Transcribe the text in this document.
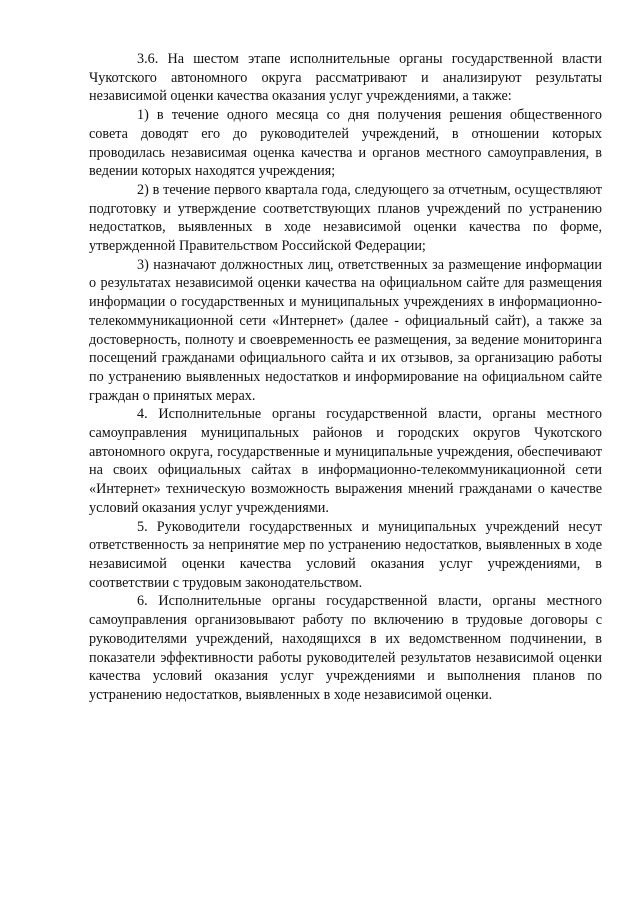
3.6. На шестом этапе исполнительные органы государственной власти Чукотского автономного округа рассматривают и анализируют результаты независимой оценки качества оказания услуг учреждениями, а также:

1) в течение одного месяца со дня получения решения общественного совета доводят его до руководителей учреждений, в отношении которых проводилась независимая оценка качества и органов местного самоуправления, в ведении которых находятся учреждения;

2) в течение первого квартала года, следующего за отчетным, осуществляют подготовку и утверждение соответствующих планов учреждений по устранению недостатков, выявленных в ходе независимой оценки качества по форме, утвержденной Правительством Российской Федерации;

3) назначают должностных лиц, ответственных за размещение информации о результатах независимой оценки качества на официальном сайте для размещения информации о государственных и муниципальных учреждениях в информационно-телекоммуникационной сети «Интернет» (далее - официальный сайт), а также за достоверность, полноту и своевременность ее размещения, за ведение мониторинга посещений гражданами официального сайта и их отзывов, за организацию работы по устранению выявленных недостатков и информирование на официальном сайте граждан о принятых мерах.

4. Исполнительные органы государственной власти, органы местного самоуправления муниципальных районов и городских округов Чукотского автономного округа, государственные и муниципальные учреждения, обеспечивают на своих официальных сайтах в информационно-телекоммуникационной сети «Интернет» техническую возможность выражения мнений гражданами о качестве условий оказания услуг учреждениями.

5. Руководители государственных и муниципальных учреждений несут ответственность за непринятие мер по устранению недостатков, выявленных в ходе независимой оценки качества условий оказания услуг учреждениями, в соответствии с трудовым законодательством.

6. Исполнительные органы государственной власти, органы местного самоуправления организовывают работу по включению в трудовые договоры с руководителями учреждений, находящихся в их ведомственном подчинении, в показатели эффективности работы руководителей результатов независимой оценки качества условий оказания услуг учреждениями и выполнения планов по устранению недостатков, выявленных в ходе независимой оценки.
